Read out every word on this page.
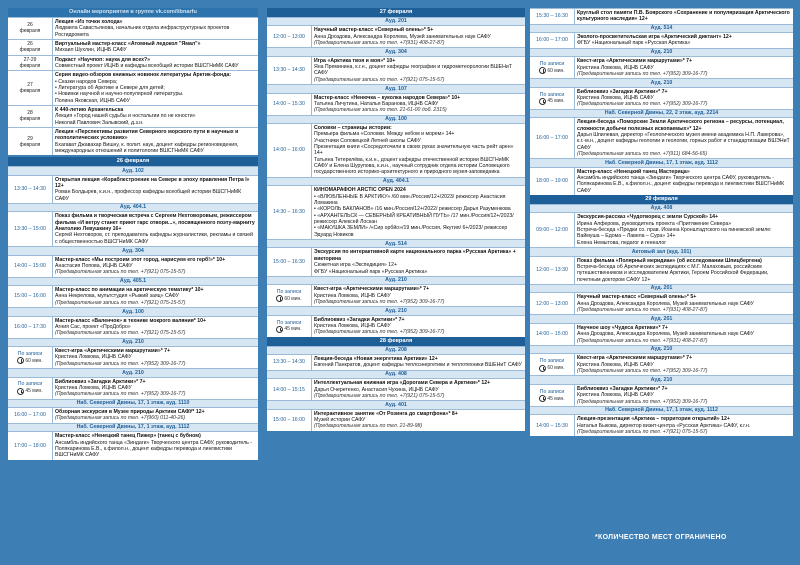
Онлайн мероприятия в группе vk.com/libnarfu
26
февраля
Лекция «Из точки холода»
Людмила Савастьянова, начальник отдела инфраструктурных проектов Росгидромета
26
февраля
Виртуальный мастер-класс «Атомный ледокол "Ямал"»
Михаил Шухлин, ИЦНБ САФУ
27-29
февраля
Подкаст «Научпоп: наука для всех?»
Совместный проект ИЦНБ и кафедры всеобщей истории ВШСГНиМК САФУ
27
февраля
Серия видео-обзоров книжных новинок литературы Арктик-фонда:
• Сказки народов Севера;
• Литература об Арктике и Севере для детей;
• Новинки научной и научно-популярной литературы.
Полина Яковская, ИЦНБ САФУ
28
февраля
К 440-летию Архангельска
Лекция «Город нашей судьбы и ностальгии по не юности»
Николай Павлович Залывский, д.з.н.
29
февраля
Лекция «Перспективы развития Северного морского пути в научных и геополитических условиях»
Бхагават Джавахар Вишну, к. полит. наук, доцент кафедры регионоведения, международных отношений и политологии ВШСГНиМК САФУ
26 февраля
Ауд. 102
13:30 – 14:30
Открытая лекция «Кораблестроение на Севере в эпоху правления Петра I» 12+
Роман Болдырев, к.и.н., профессор кафедры всеобщей истории ВШСГНиМК САФУ
Ауд. 404.1
13:30 – 15:00
Показ фильма и творческая встреча с Сергеем Нехтоворовым, режиссером фильма «И ветру станет приют гарс отвори...», посвященного поэту-марниту Анатолию Левушкину 16+
Сергей Нехтоворов, ст. преподаватель кафедры журналистики, рекламы и связей с общественностью ВШСГНиМК САФУ
Ауд. 304
14:00 – 15:00
Мастер-класс «Мы построим этот город, нарисуем его герб!»* 10+
Анастасия Попова, ИЦНБ САФУ
(Предварительная запись по тел. +7(921) 075-15-57)
Ауд. 405.1
15:00 – 16:00
Мастер-класс по анимации на арктическую тематику* 10+
Анна Некрелова, мультстудия «Рыжий заяц» САФУ
(Предварительная запись по тел. +7(921) 075-15-57)
Ауд. 100
16:00 – 17:30
Мастер-класс «Валенчок» в технике мокрого валяния* 10+
Агния Сас, проект «ПроДобро»
(Предварительная запись по тел. +7(921) 075-15-57)
Ауд. 210
По записи
60 мин.
Квест-игра «Арктическими маршрутами»* 7+
Кристина Ловкова, ИЦНБ САФУ
(Предварительная запись по тел. +7(952) 309-16-77)
Ауд. 210
По записи
45 мин.
Библиоквиз «Загадки Арктики»* 7+
Кристина Ловкова, ИЦНБ САФУ
(Предварительная запись по тел. +7(952) 309-16-77)
Наб. Северной Двины, 17, 1 этаж, ауд. 1110
16:00 – 17:00
Обзорная экскурсия в Музее природы Арктики САФУ* 12+
(Предварительная запись по тел. +7(960) 011-40-26)
Наб. Северной Двины, 17, 1 этаж, ауд. 1112
17:00 – 18:00
Мастер-класс «Ненецкий танец Пижер» (танец с бубном)
Ансамбль индийского танца «Зиндаги» Творческого центра САФУ, руководитель - Полякаринова Е.В., к.филол.н., доцент кафедры перевода и лингвистики ВШСГНиМК САФУ
27 февраля
Ауд. 201
12:00 – 13:00
Научный мастер-класс «Северный олень»* 5+
Анна Дроздова, Александра Королева, Музей занимательных наук САФУ
(Предварительная запись по тел. +7(931) 408-27-87)
Ауд. 304
13:30 – 14:30
Игра «Арктика твоя и моя»* 10+
Яна Преминина, к.г.н., доцент кафедры географии и гидрометеорологии ВШЕНиТ САФУ
(Предварительная запись по тел. +7(921) 075-15-57)
Ауд. 107
14:00 – 15:30
Мастер-класс «Ненючка – куколка народов Севера»* 10+
Татьяна Личутина, Наталья Баранова, ИЦНБ САФУ
(Предварительная запись по тел. 21-61-00 доб. 2315)
Ауд. 100
14:00 – 16:00
Соловки – страницы истории:
Премьера фильма «Соловки. Между небом и морем» 14+
Участники Соловецкой Летней школы САФУ
Презентация книги «Сосредоточили в своих руках значительную часть рейт арен» 14+
Татьяна Тетерелёва, к.и.н., доцент кафедры отечественной истории ВШСГНиМК САФУ и Елена Шурупова, к.и.н., научный сотрудник отдела истории Соловецкого государственного историко-архитектурного и природного музея-заповедника
Ауд. 404.1
14:30 – 16:30
КИНОМАРАФОН ARCTIC OPEN 2024
• «ВЛЮБЛЕННЫЕ В АРКТИКУ» /60 мин./Россия/12+/2023/ режиссер Анастасия Ломакина
• «КОРОЛЬ БАКЛАНОВ» /16 мин./Россия/12+/2022/ режиссер Дарья Разуменкова
• «АРХАНГЕЛЬСК — СЕВЕРНЫЙ КРЕАТИВНЫЙ ПУТЬ» /17 мин./Россия/12+/2023/ режиссер Алексей Лоскан
• «МАКУШКА ЗЕМЛИ» /«Сир орбйо»/19 мин./Россия, Якутия/ 6+/2023/ режиссер Эдуард Новиков
Ауд. 514
15:00 – 16:30
Экскурсия по интерактивной карте национального парка «Русская Арктика» + викторина
Сюжетная игра «Экспедиция» 12+
ФГБУ «Национальный парк «Русская Арктика»
Ауд. 210
По записи
60 мин.
Квест-игра «Арктическими маршрутами»* 7+
Кристина Ловкова, ИЦНБ САФУ
(Предварительная запись по тел. +7(952) 309-16-77)
Ауд. 210
По записи
45 мин.
Библиоквиз «Загадки Арктики»* 7+
Кристина Ловкова, ИЦНБ САФУ
(Предварительная запись по тел. +7(952) 309-16-77)
28 февраля
Ауд. 208
13:30 – 14:30
Лекция-беседа «Новая энергетика Арктики» 12+
Евгений Панкратов, доцент кафедры теплоэнергетики и теплотехники ВШЕНиТ САФУ
Ауд. 408
14:00 – 15:15
Интеллектуальная книжная игра «Дорогами Севера и Арктики»* 12+
Дарья Очеретенко, Анастасия Чухина, ИЦНБ САФУ
(Предварительная запись по тел. +7(921) 075-15-57)
Ауд. 401
15:00 – 16:00
Интерактивное занятие «От Розинга до смартфона»* 8+
Музей истории САФУ
(Предварительная запись по тел. 21-89-98)
15:30 – 16:30
Круглый стол памяти П.В. Боярского «Сохранение и популяризация Арктического культурного наследия» 12+
Ауд. 514
16:00 – 17:00
Эколого-просветительская игра «Арктический диктант» 12+
ФГБУ «Национальный парк «Русская Арктика»
Ауд. 210
По записи
60 мин.
Квест-игра «Арктическими маршрутами»* 7+
Кристина Ловкова, ИЦНБ САФУ
(Предварительная запись по тел. +7(952) 309-16-77)
Ауд. 210
По записи
45 мин.
Библиоквиз «Загадки Арктики»* 7+
Кристина Ловкова, ИЦНБ САФУ
(Предварительная запись по тел. +7(952) 309-16-77)
Наб. Северной Двины, 22, 2 этаж, ауд. 2214
16:00 – 17:00
Лекция-беседа «Поморские Земли Арктического региона – ресурсы, потенциал, сложности добычи полезных ископаемых»* 12+
Дарья Шпилевая, директор «Геологического музея имени академика Н.П. Лаверова», к.г.-м.н., доцент кафедры геологии и геологии, горных работ и стандартизации ВШЭНиТ САФУ
(Предварительная запись по тел. +7(911) 684-56-65)
Наб. Северной Двины, 17, 1 этаж, ауд. 1112
18:00 – 19:00
Мастер-класс «Ненецкий танец Мастерица»
Ансамбль индийского танца «Зиндаги» Творческого центра САФУ, руководитель - Полякаринова Е.В., к.филол.н., доцент кафедры перевода и лингвистики ВШСГНиМК САФУ
29 февраля
Ауд. 408
09:00 – 12:00
Экскурсия-рассказ «Чудотворец с земли Сурской» 14+
Ирина Алферова, руководитель проекта «Притяжение Севера»
Встреча-беседа «Предки со. прав. Иоанна Кронштадтского на пинежской земле: Ваймуша – Едома – Лавела – Сура» 14+
Елена Немытова, педагог и генеалог
Актовый зал (ауд. 101)
12:00 – 13:30
Показ фильма «Полярный меридиан» (об исследовании Шпицбергена)
Встреча-беседа об Арктических экспедициях с М.Г. Малаховым, российским путешественником и исследователем Арктики, Героем Российской Федерации, почетным доктором САФУ 12+
Ауд. 201
12:00 – 13:00
Научный мастер-класс «Северный олень»* 5+
Анна Дроздова, Александра Королева, Музей занимательных наук САФУ
(Предварительная запись по тел. +7(931) 408-27-87)
Ауд. 201
14:00 – 15:00
Научное шоу «Чудеса Арктики»* 7+
Анна Дроздова, Александра Королева, Музей занимательных наук САФУ
(Предварительная запись по тел. +7(931) 408-27-87)
Ауд. 210
По записи
60 мин.
Квест-игра «Арктическими маршрутами»* 7+
Кристина Ловкова, ИЦНБ САФУ
(Предварительная запись по тел. +7(952) 309-16-77)
Ауд. 210
По записи
45 мин.
Библиоквиз «Загадки Арктики»* 7+
Кристина Ловкова, ИЦНБ САФУ
(Предварительная запись по тел. +7(952) 309-16-77)
Наб. Северной Двины, 17, 1 этаж, ауд. 1112
14:00 – 15:30
Лекция-презентация «Арктика – территория открытий» 12+
Наталья Быкова, директор визит-центра «Русская Арктика» САФУ, к.г.н.
(Предварительная запись по тел. +7(921) 075-15-57)
*КОЛИЧЕСТВО МЕСТ ОГРАНИЧЕНО
